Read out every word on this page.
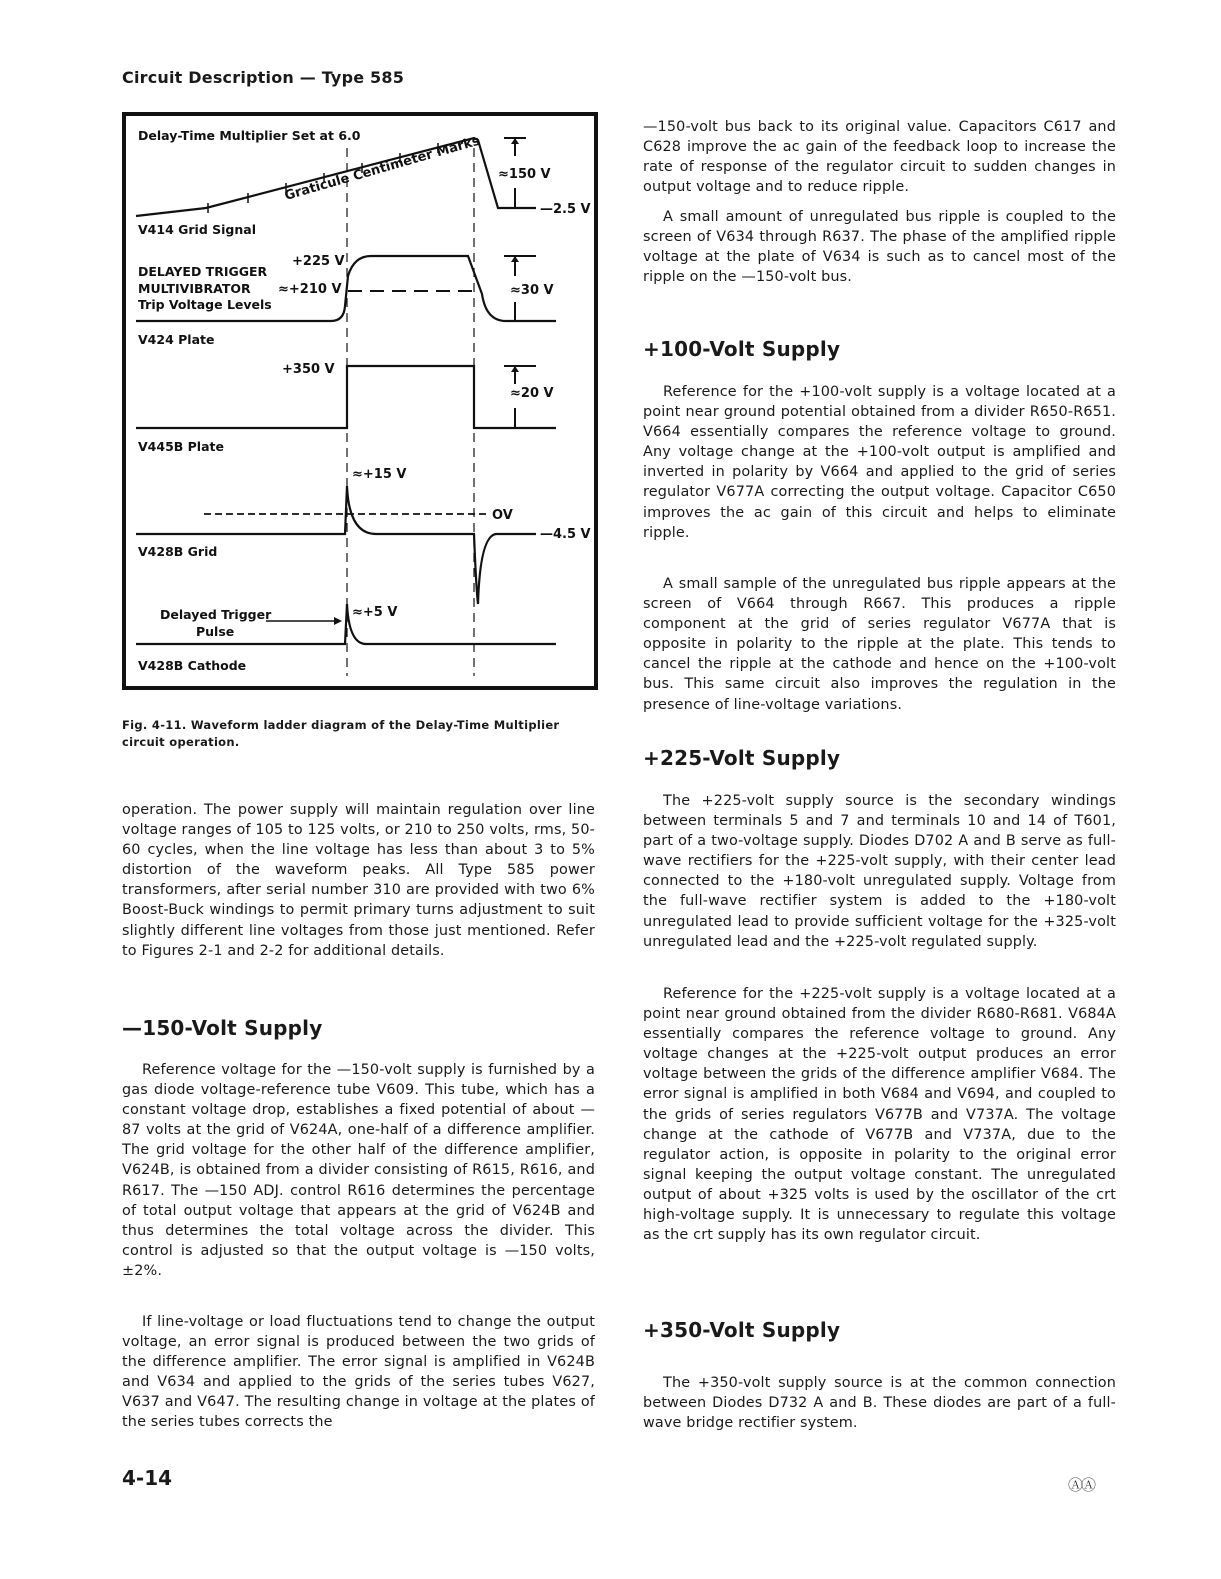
Circuit Description — Type 585
Delay-Time Multiplier Set at 6.0
Graticule Centimeter Marks
V414 Grid Signal
≈150 V
—2.5 V
DELAYED TRIGGER
MULTIVIBRATOR
Trip Voltage Levels
+225 V
≈+210 V	≈30 V
V424 Plate
+350 V
≈20 V
V445B Plate
≈+15 V
OV
—4.5 V
V428B Grid
Delayed Trigger
Pulse
≈+5 V
V428B Cathode
Fig. 4-11. Waveform ladder diagram of the Delay-Time Multiplier circuit operation.

operation. The power supply will maintain regulation over line voltage ranges of 105 to 125 volts, or 210 to 250 volts, rms, 50-60 cycles, when the line voltage has less than about 3 to 5% distortion of the waveform peaks. All Type 585 power transformers, after serial number 310 are provided with two 6% Boost-Buck windings to permit primary turns adjustment to suit slightly different line voltages from those just mentioned. Refer to Figures 2-1 and 2-2 for additional details.

—150-Volt Supply

Reference voltage for the —150-volt supply is furnished by a gas diode voltage-reference tube V609. This tube, which has a constant voltage drop, establishes a fixed potential of about —87 volts at the grid of V624A, one-half of a difference amplifier. The grid voltage for the other half of the difference amplifier, V624B, is obtained from a divider consisting of R615, R616, and R617. The —150 ADJ. control R616 determines the percentage of total output voltage that appears at the grid of V624B and thus determines the total voltage across the divider. This control is adjusted so that the output voltage is —150 volts, ±2%.

If line-voltage or load fluctuations tend to change the output voltage, an error signal is produced between the two grids of the difference amplifier. The error signal is amplified in V624B and V634 and applied to the grids of the series tubes V627, V637 and V647. The resulting change in voltage at the plates of the series tubes corrects the

—150-volt bus back to its original value. Capacitors C617 and C628 improve the ac gain of the feedback loop to increase the rate of response of the regulator circuit to sudden changes in output voltage and to reduce ripple.

A small amount of unregulated bus ripple is coupled to the screen of V634 through R637. The phase of the amplified ripple voltage at the plate of V634 is such as to cancel most of the ripple on the —150-volt bus.

+100-Volt Supply

Reference for the +100-volt supply is a voltage located at a point near ground potential obtained from a divider R650-R651. V664 essentially compares the reference voltage to ground. Any voltage change at the +100-volt output is amplified and inverted in polarity by V664 and applied to the grid of series regulator V677A correcting the output voltage. Capacitor C650 improves the ac gain of this circuit and helps to eliminate ripple.

A small sample of the unregulated bus ripple appears at the screen of V664 through R667. This produces a ripple component at the grid of series regulator V677A that is opposite in polarity to the ripple at the plate. This tends to cancel the ripple at the cathode and hence on the +100-volt bus. This same circuit also improves the regulation in the presence of line-voltage variations.

+225-Volt Supply

The +225-volt supply source is the secondary windings between terminals 5 and 7 and terminals 10 and 14 of T601, part of a two-voltage supply. Diodes D702 A and B serve as full-wave rectifiers for the +225-volt supply, with their center lead connected to the +180-volt unregulated supply. Voltage from the full-wave rectifier system is added to the +180-volt unregulated lead to provide sufficient voltage for the +325-volt unregulated lead and the +225-volt regulated supply.

Reference for the +225-volt supply is a voltage located at a point near ground obtained from the divider R680-R681. V684A essentially compares the reference voltage to ground. Any voltage changes at the +225-volt output produces an error voltage between the grids of the difference amplifier V684. The error signal is amplified in both V684 and V694, and coupled to the grids of series regulators V677B and V737A. The voltage change at the cathode of V677B and V737A, due to the regulator action, is opposite in polarity to the original error signal keeping the output voltage constant. The unregulated output of about +325 volts is used by the oscillator of the crt high-voltage supply. It is unnecessary to regulate this voltage as the crt supply has its own regulator circuit.

+350-Volt Supply

The +350-volt supply source is at the common connection between Diodes D732 A and B. These diodes are part of a full-wave bridge rectifier system.

4-14	ⒶⒶ
